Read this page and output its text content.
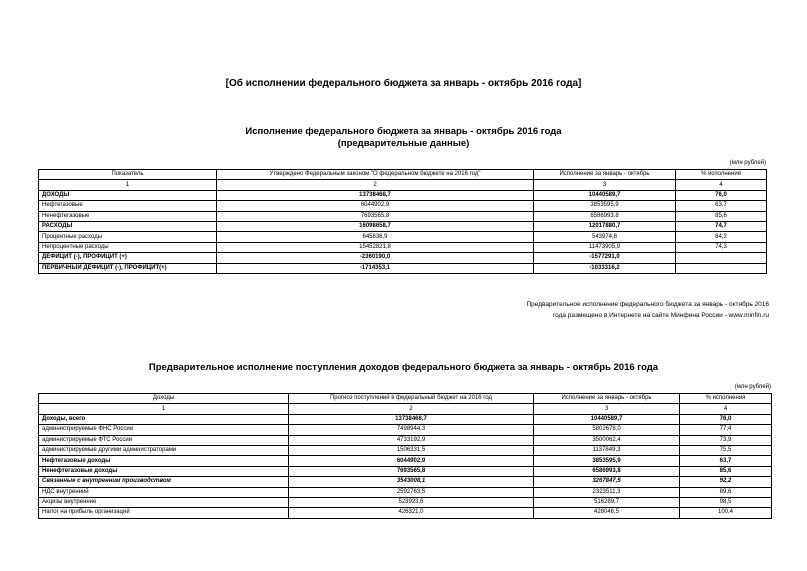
[Об исполнении федерального бюджета за январь - октябрь 2016 года]
Исполнение федерального бюджета за январь - октябрь 2016 года
(предварительные данные)
(млн рублей)
Показатель	Утверждено Федеральным законом "О федеральном бюджете на 2016 год"	Исполнение за январь - октябрь	% исполнения
1	2	3	4
ДОХОДЫ	13738468,7	10440589,7	76,0
Нефтегазовые	6044902,9	3853595,9	63,7
Ненефтегазовые	7693565,8	6586993,8	85,6
РАСХОДЫ	16098658,7	12017880,7	74,7
Процентные расходы	645836,9	543974,8	84,2
Непроцентные расходы	15452821,8	11473905,9	74,3
ДЕФИЦИТ (-), ПРОФИЦИТ (+)	-2360190,0	-1577291,0	
ПЕРВИЧНЫЙ ДЕФИЦИТ (-), ПРОФИЦИТ(+)	-1714353,1	-1033316,2	
Предварительное исполнение федерального бюджета за январь - октябрь 2016
года размещено в Интернете на сайте Минфина России - www.minfin.ru
Предварительное исполнение поступления доходов федерального бюджета за январь - октябрь 2016 года
(млн рублей)
Доходы	Прогноз поступлений в федеральный бюджет на 2016 год	Исполнение за январь - октябрь	% исполнения
1	2	3	4
Доходы, всего	13738468,7	10440589,7	76,0
администрируемые ФНС России	7498944,3	5802678,0	77,4
администрируемые ФТС России	4733192,9	3500062,4	73,9
администрируемые другими администраторами	1506331,5	1137849,3	75,5
Нефтегазовые доходы	6044902,9	3853595,9	63,7
Ненефтегазовые доходы	7693565,8	6586993,8	85,6
Связанные с внутренним производством	3543008,1	3267847,5	92,2
НДС внутренний	2592763,5	2323511,3	89,6
Акцизы внутренние	523923,6	516289,7	98,5
Налог на прибыль организаций	426321,0	428046,5	100,4
